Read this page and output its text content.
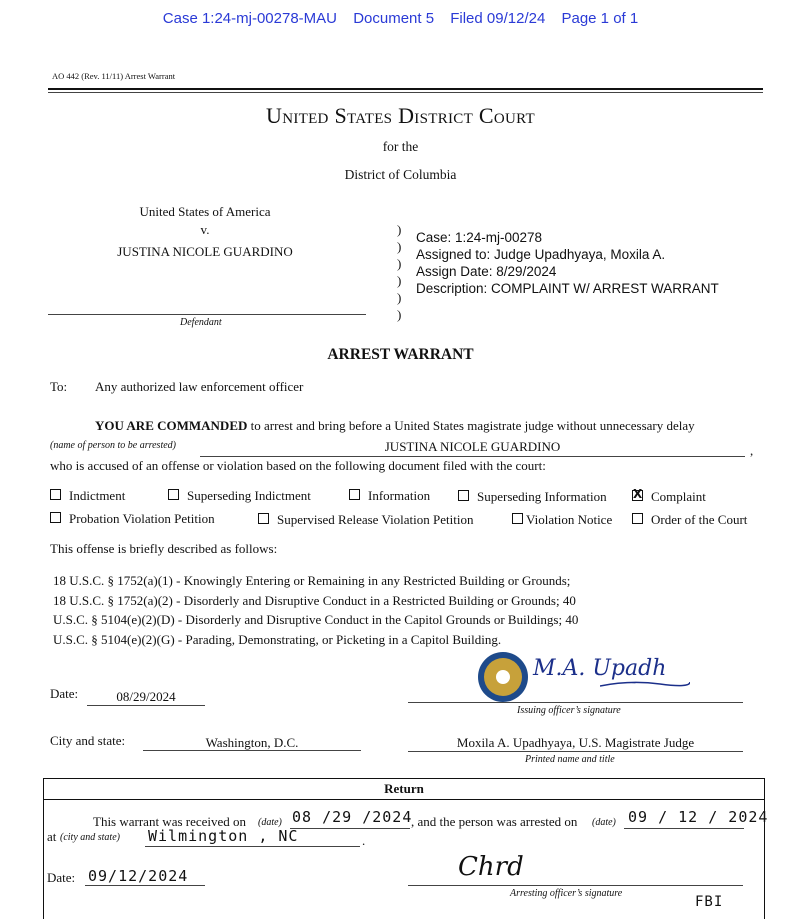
Case 1:24-mj-00278-MAU Document 5 Filed 09/12/24 Page 1 of 1
AO 442 (Rev. 11/11) Arrest Warrant
United States District Court
for the
District of Columbia
United States of America
v.
JUSTINA NICOLE GUARDINO
Defendant
)
)
)
)
)
)
Case: 1:24-mj-00278
Assigned to: Judge Upadhyaya, Moxila A.
Assign Date: 8/29/2024
Description: COMPLAINT W/ ARREST WARRANT
ARREST WARRANT
To: Any authorized law enforcement officer
YOU ARE COMMANDED to arrest and bring before a United States magistrate judge without unnecessary delay
(name of person to be arrested)	JUSTINA NICOLE GUARDINO	,
who is accused of an offense or violation based on the following document filed with the court:
Indictment	Superseding Indictment	Information	Superseding Information
X	Complaint
Probation Violation Petition	Supervised Release Violation Petition	Violation Notice	Order of the Court
This offense is briefly described as follows:
18 U.S.C. § 1752(a)(1) - Knowingly Entering or Remaining in any Restricted Building or Grounds;
18 U.S.C. § 1752(a)(2) - Disorderly and Disruptive Conduct in a Restricted Building or Grounds; 40
U.S.C. § 5104(e)(2)(D) - Disorderly and Disruptive Conduct in the Capitol Grounds or Buildings; 40
U.S.C. § 5104(e)(2)(G) - Parading, Demonstrating, or Picketing in a Capitol Building.
Date:	08/29/2024
M.A. Upadh
Issuing officer’s signature
City and state:	Washington, D.C.	Moxila A. Upadhyaya, U.S. Magistrate Judge
Printed name and title
Return
This warrant was received on (date) 08 /29 /2024
, and the person was arrested on (date) 09 / 12 / 2024
at (city and state) Wilmington , NC	.
Date: 09/12/2024	Chrd
Arresting officer’s signature
FBI
